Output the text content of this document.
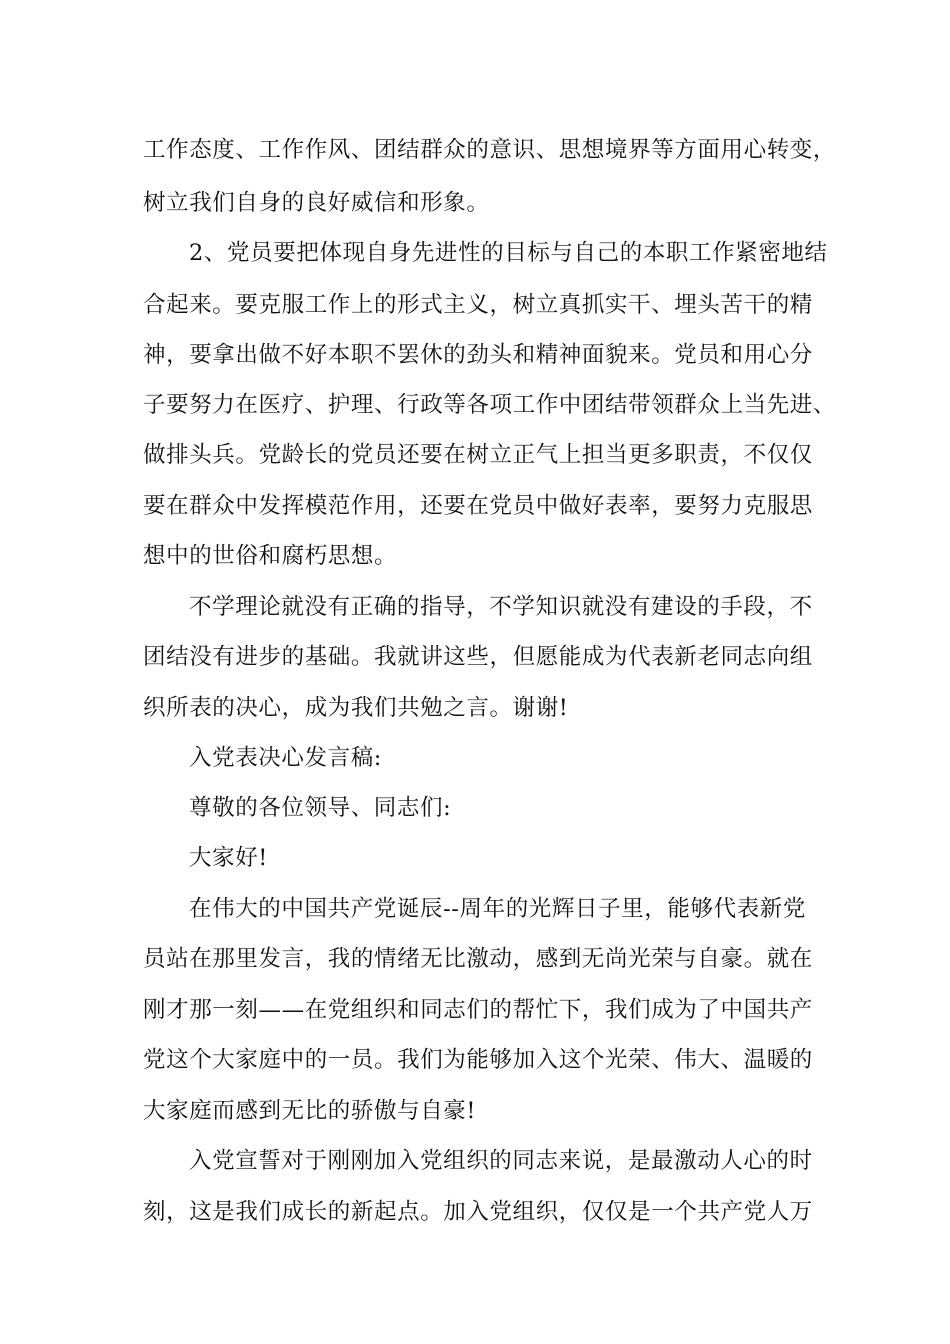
工作态度、工作作风、团结群众的意识、思想境界等方面用心转变，
树立我们自身的良好威信和形象。
2、党员要把体现自身先进性的目标与自己的本职工作紧密地结
合起来。要克服工作上的形式主义，树立真抓实干、埋头苦干的精
神，要拿出做不好本职不罢休的劲头和精神面貌来。党员和用心分
子要努力在医疗、护理、行政等各项工作中团结带领群众上当先进、
做排头兵。党龄长的党员还要在树立正气上担当更多职责，不仅仅
要在群众中发挥模范作用，还要在党员中做好表率，要努力克服思
想中的世俗和腐朽思想。
不学理论就没有正确的指导，不学知识就没有建设的手段，不
团结没有进步的基础。我就讲这些，但愿能成为代表新老同志向组
织所表的决心，成为我们共勉之言。谢谢!
入党表决心发言稿:
尊敬的各位领导、同志们:
大家好!
在伟大的中国共产党诞辰--周年的光辉日子里，能够代表新党
员站在那里发言，我的情绪无比激动，感到无尚光荣与自豪。就在
刚才那一刻——在党组织和同志们的帮忙下，我们成为了中国共产
党这个大家庭中的一员。我们为能够加入这个光荣、伟大、温暖的
大家庭而感到无比的骄傲与自豪!
入党宣誓对于刚刚加入党组织的同志来说，是最激动人心的时
刻，这是我们成长的新起点。加入党组织，仅仅是一个共产党人万
